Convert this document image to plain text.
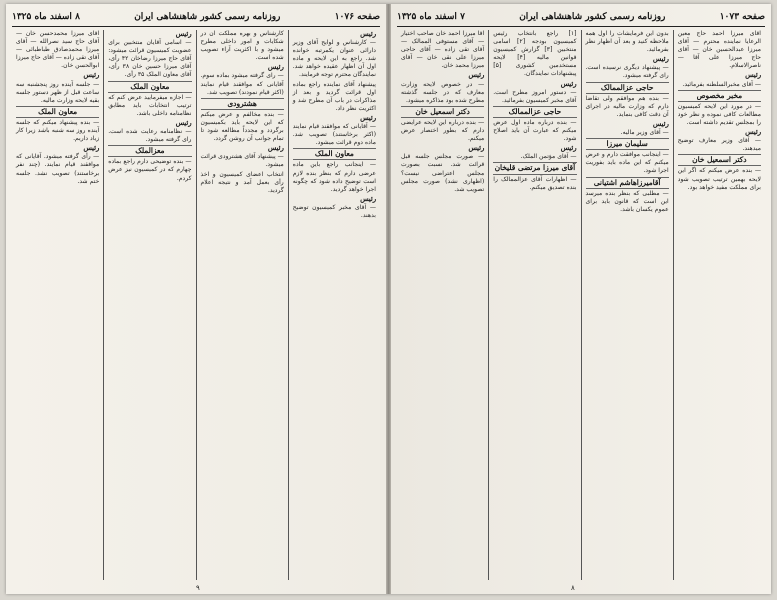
صفحه ۱۰۷۶
روزنامه رسمی کشور شاهنشاهی ایران
۸ اسفند ماه ۱۳۲۵

رئیس

— کارشناس و لوایح آقای وزیر دارائی عنوان یکمرتبه خوانده شد. راجع به این لایحه و ماده اول آن اظهار عقیده خواهد شد. نمایندگان محترم توجه فرمایند.

پیشنهاد آقای نماینده راجع بماده اول قرائت گردید و بعد از مذاکرات در باب آن مطرح شد و اکثریت نظر داد.

رئیس

— آقایانی که موافقند قیام نمایند (اکثر برخاستند) تصویب شد. ماده دوم قرائت میشود.

معاون الملک

— اینجانب راجع باین ماده عرضی دارم که بنظر بنده لازم است توضیح داده شود که چگونه اجرا خواهد گردید.

رئیس

— آقای مخبر کمیسیون توضیح بدهند.

کارشناس و بهره مملکت آن در شکایات و امور داخلی مطرح میشود و با اکثریت آراء تصویب شده است.

رئیس

— رای گرفته میشود بماده سوم. آقایانی که موافقند قیام نمایند (اکثر قیام نمودند) تصویب شد.

هشترودی

— بنده مخالفم و عرض میکنم که این لایحه باید بکمیسیون برگردد و مجدداً مطالعه شود تا تمام جوانب آن روشن گردد.

رئیس

— پیشنهاد آقای هشترودی قرائت میشود.

انتخاب اعضای کمیسیون و اخذ رأی بعمل آمد و نتیجه اعلام گردید.

رئیس

— اسامی آقایان منتخبین برای عضویت کمیسیون قرائت میشود: آقای حاج میرزا رضاخان ۴۲ رأی، آقای میرزا حسین خان ۳۸ رأی، آقای معاون الملک ۳۵ رأی.

معاون الملک

— اجازه میفرمایید عرض کنم که ترتیب انتخابات باید مطابق نظامنامه داخلی باشد.

رئیس

— نظامنامه رعایت شده است. رای گرفته میشود.

معزالملک

— بنده توضیحی دارم راجع بماده چهارم که در کمیسیون نیز عرض کردم.

آقای میرزا محمدحسن خان — آقای حاج سید نصرالله — آقای میرزا محمدصادق طباطبائی — آقای تقی زاده — آقای حاج میرزا ابوالحسن خان.

رئیس

— جلسه آینده روز پنجشنبه سه ساعت قبل از ظهر دستور جلسه بقیه لایحه وزارت مالیه.

معاون الملک

— بنده پیشنهاد میکنم که جلسه آینده روز سه شنبه باشد زیرا کار زیاد داریم.

رئیس

— رأی گرفته میشود. آقایانی که موافقند قیام نمایند. (چند نفر برخاستند) تصویب نشد. جلسه ختم شد.

۹
صفحه ۱۰۷۳
روزنامه رسمی کشور شاهنشاهی ایران
۷ اسفند ماه ۱۳۲۵

آقای میرزا احمد حاج معین الرعایا نماینده محترم — آقای میرزا عبدالحسین خان — آقای حاج میرزا علی آقا — ناصرالاسلام.

رئیس

— آقای مخبرالسلطنه بفرمائید.

مخبر مخصوص

— در مورد این لایحه کمیسیون مطالعات کافی نموده و نظر خود را بمجلس تقدیم داشته است.

رئیس

— آقای وزیر معارف توضیح میدهند.

دکتر اسمعیل خان

— بنده عرض میکنم که اگر این لایحه بهمین ترتیب تصویب شود برای مملکت مفید خواهد بود.

بدون این فرمایشات را اول همه ملاحظه کنید و بعد آن اظهار نظر بفرمائید.

رئیس

— پیشنهاد دیگری نرسیده است. رای گرفته میشود.

حاجی عزالممالک

— بنده هم موافقم ولی تقاضا دارم که وزارت مالیه در اجرای آن دقت کافی بنماید.

رئیس

— آقای وزیر مالیه.

سلیمان میرزا

— اینجانب موافقت دارم و عرض میکنم که این ماده باید بفوریت اجرا شود.

آقامیرزاهاشم اشتیانی

— مطلبی که بنظر بنده میرسد این است که قانون باید برای عموم یکسان باشد.

[۱] راجع بانتخاب رئیس کمیسیون بودجه [۲] اسامی منتخبین [۳] گزارش کمیسیون قوانین مالیه [۴] لایحه مستخدمین کشوری [۵] پیشنهادات نمایندگان.

رئیس

— دستور امروز مطرح است. آقای مخبر کمیسیون بفرمائید.

حاجی عزالممالک

— بنده درباره ماده اول عرض میکنم که عبارت آن باید اصلاح شود.

رئیس

— آقای مؤتمن الملک.

آقای میرزا مرتضی قلیخان

— اظهارات آقای عزالممالک را بنده تصدیق میکنم.

آقا میرزا احمد خان صاحب اختیار — آقای مستوفی الممالک — آقای تقی زاده — آقای حاجی میرزا علی نقی خان — آقای میرزا محمد خان.

رئیس

— در خصوص لایحه وزارت معارف که در جلسه گذشته مطرح شده بود مذاکره میشود.

دکتر اسمعیل خان

— بنده درباره این لایحه عرایضی دارم که بطور اختصار عرض میکنم.

رئیس

— صورت مجلس جلسه قبل قرائت شد. نسبت بصورت مجلس اعتراضی نیست؟ (اظهاری نشد) صورت مجلس تصویب شد.

۸
